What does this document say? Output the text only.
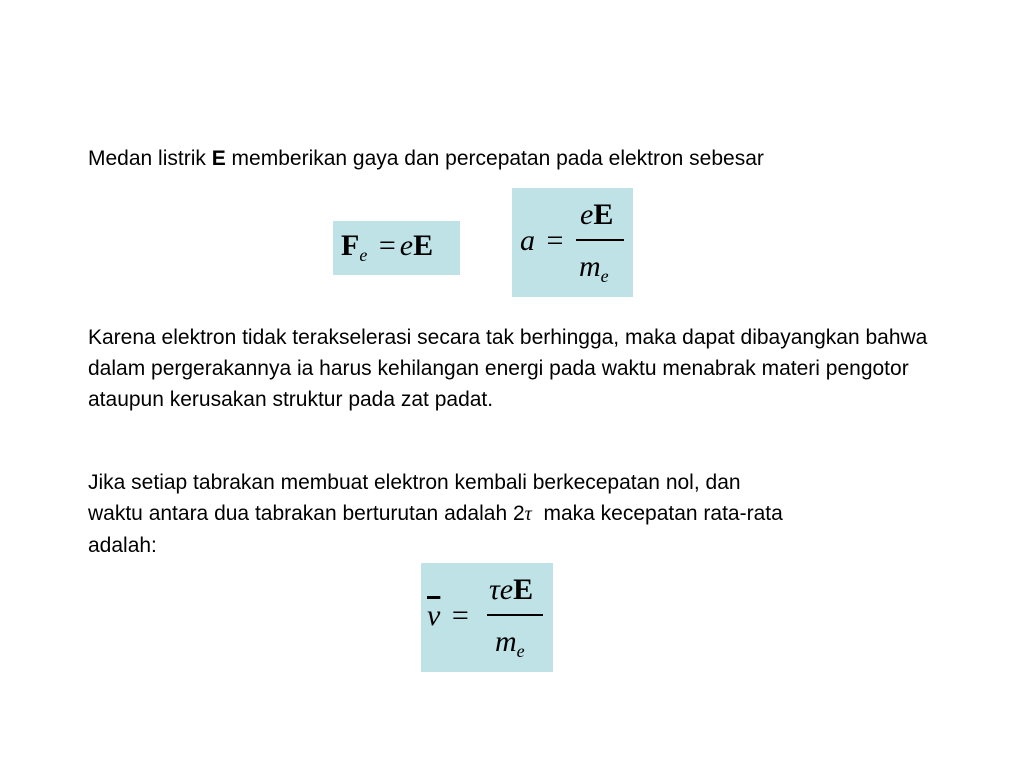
Medan listrik E memberikan gaya dan percepatan pada elektron sebesar
$F_e$ = eE	a =
eE
$m_e$
Karena elektron tidak terakselerasi secara tak berhingga, maka dapat dibayangkan bahwa dalam pergerakannya ia harus kehilangan energi pada waktu menabrak materi pengotor ataupun kerusakan struktur pada zat padat.
Jika setiap tabrakan membuat elektron kembali berkecepatan nol, dan
waktu antara dua tabrakan berturutan adalah 2τ  maka kecepatan rata-rata
adalah:
$\overline{v}$ =
τeE
$m_e$
